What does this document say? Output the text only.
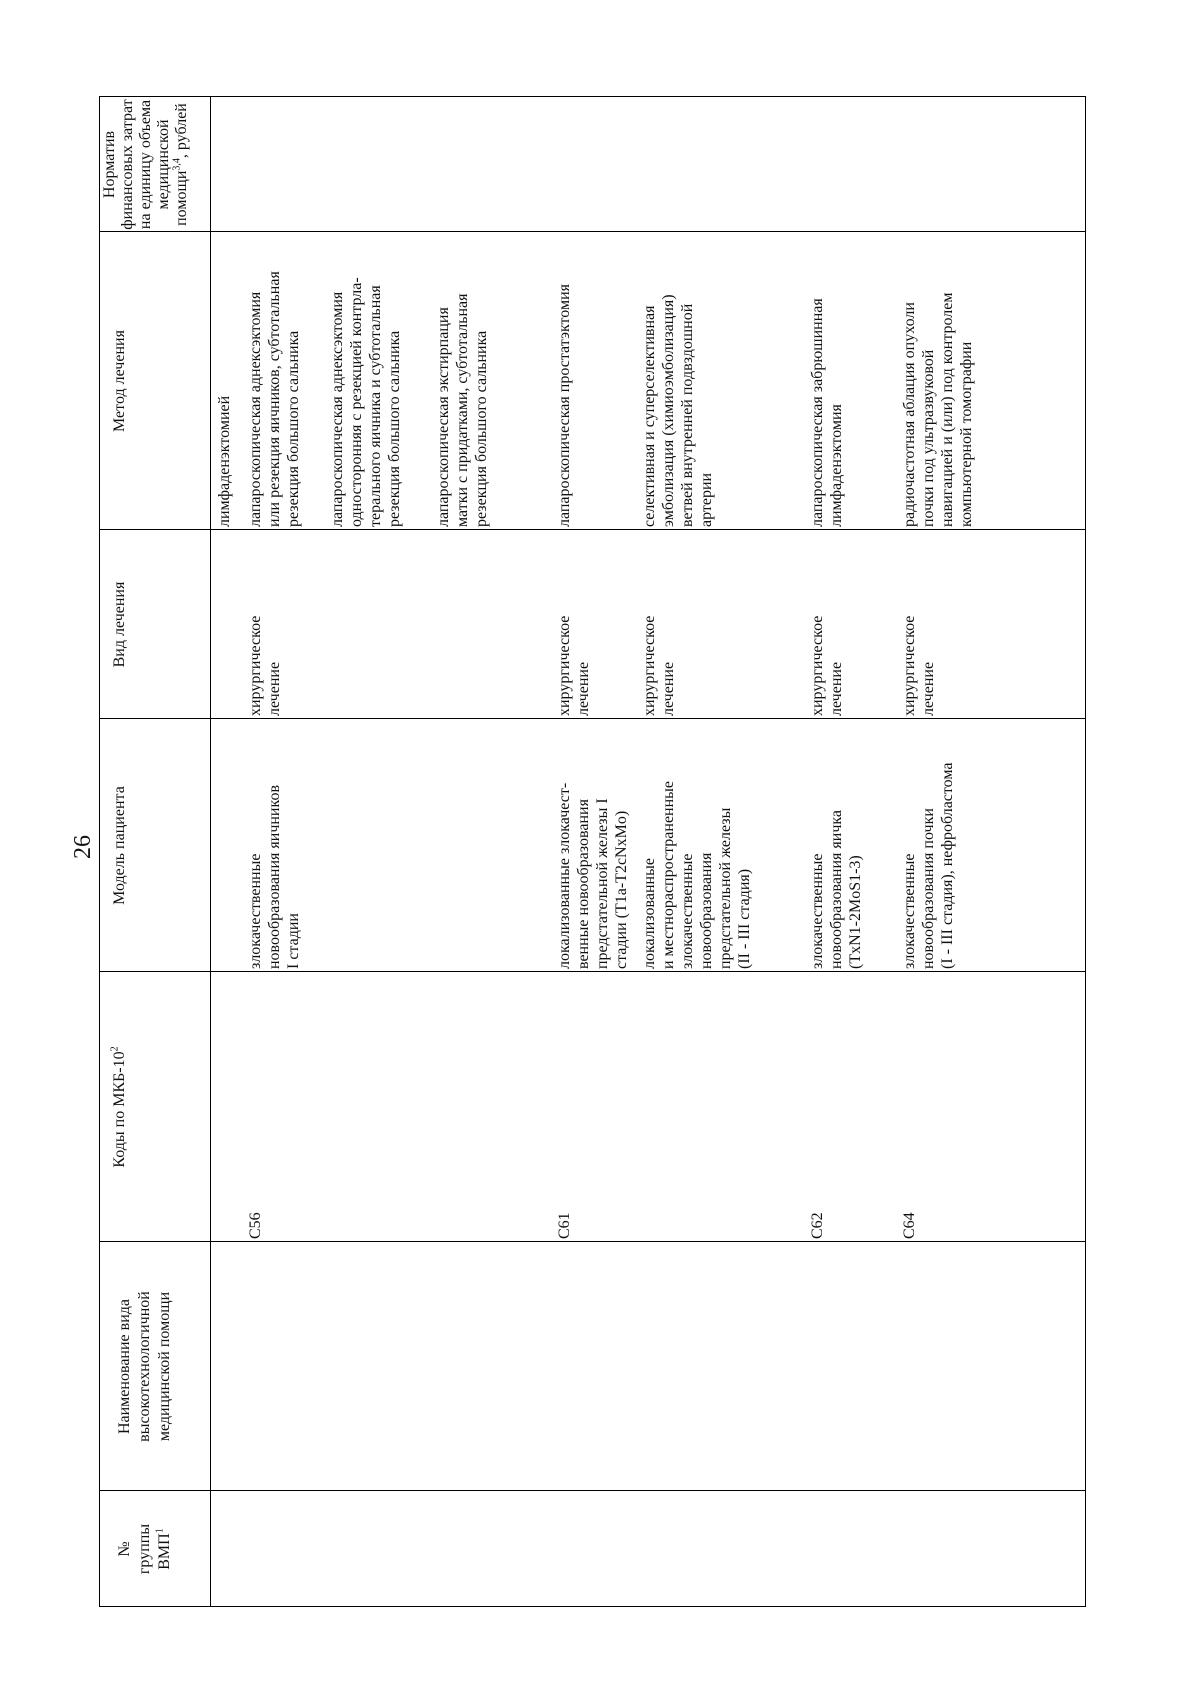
26
№ группы ВМП$^1$
Наименование вида высокотехнологичной медицинской помощи
Коды по МКБ-$10^2$
Модель пациента
Вид лечения
Метод лечения
Норматив финансовых затрат на единицу объема медицинской помощи$^{3,4}$, рублей
лимфаденэктомией
C56
злокачественные новообразования яичников I стадии
хирургическое лечение
лапароскопическая аднексэктомия или резекция яичников, субтотальная резекция большого сальника лапароскопическая аднексэктомия односторонняя с резекцией контрла- терального яичника и субтотальная резекция большого сальника лапароскопическая экстирпация матки с придатками, субтотальная резекция большого сальника
C61
локализованные злокачест- венные новообразования предстательной железы I стадии (T1a-T2cNxMo)
хирургическое лечение
лапароскопическая простатэктомия
локализованные и местнораспространенные злокачественные новообразования предстательной железы (II - III стадия)
хирургическое лечение
селективная и суперселективная эмболизация (химиоэмболизация) ветвей внутренней подвздошной артерии
C62
злокачественные новообразования яичка (TxN1-2MoS1-3)
хирургическое лечение
лапароскопическая забрюшинная лимфаденэктомия
C64
злокачественные новообразования почки (I - III стадия), нефробластома
хирургическое лечение
радиочастотная аблация опухоли почки под ультразвуковой навигацией и (или) под контролем компьютерной томографии
